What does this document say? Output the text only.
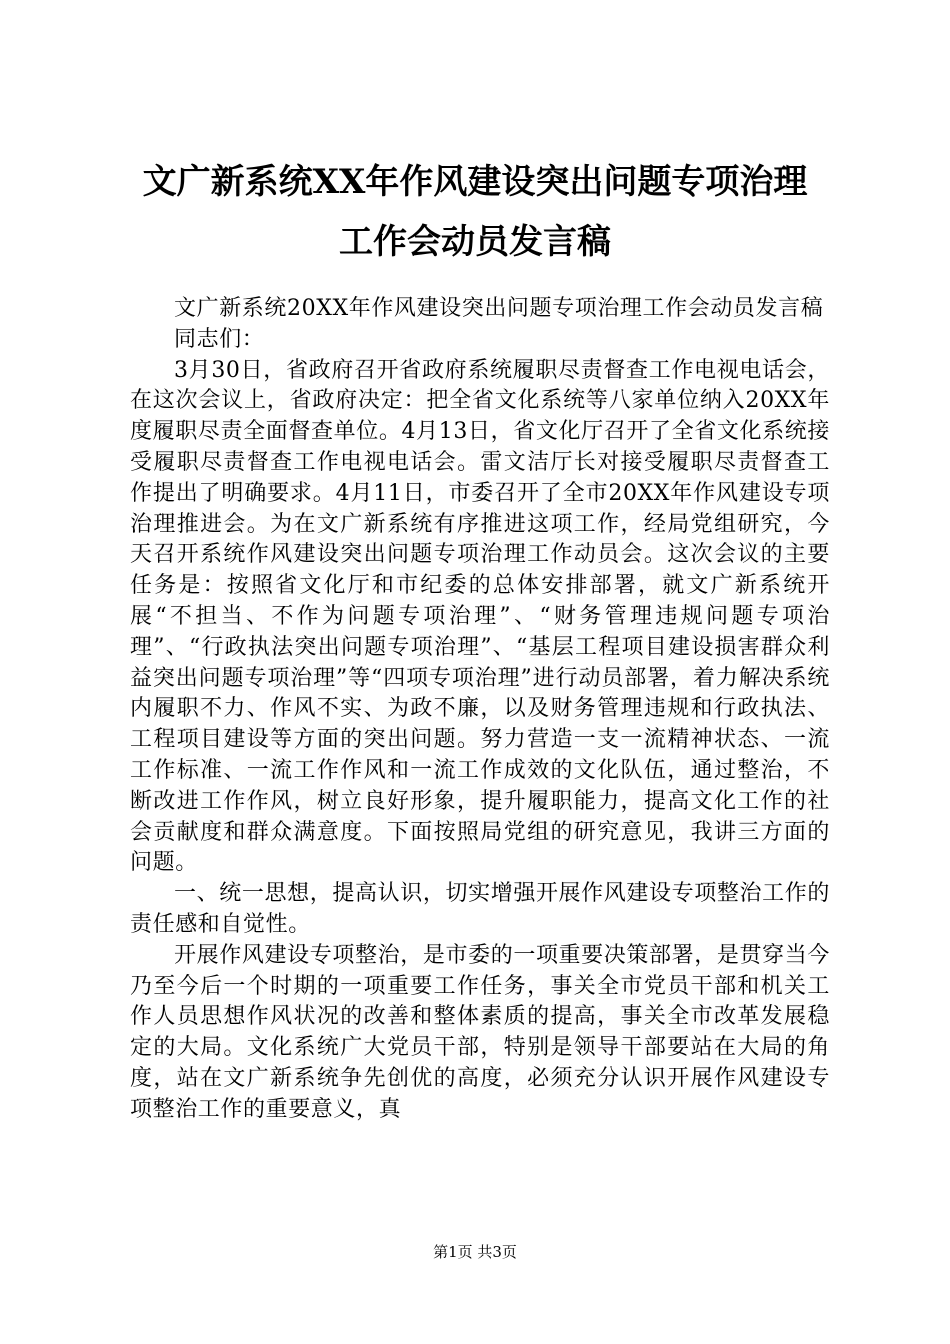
文广新系统XX年作风建设突出问题专项治理
工作会动员发言稿

文广新系统20XX年作风建设突出问题专项治理工作会动员发言稿

同志们：

3月30日，省政府召开省政府系统履职尽责督查工作电视电话会，在这次会议上，省政府决定：把全省文化系统等八家单位纳入20XX年度履职尽责全面督查单位。4月13日，省文化厅召开了全省文化系统接受履职尽责督查工作电视电话会。雷文洁厅长对接受履职尽责督查工作提出了明确要求。4月11日，市委召开了全市20XX年作风建设专项治理推进会。为在文广新系统有序推进这项工作，经局党组研究，今天召开系统作风建设突出问题专项治理工作动员会。这次会议的主要任务是：按照省文化厅和市纪委的总体安排部署，就文广新系统开展“不担当、不作为问题专项治理”、“财务管理违规问题专项治理”、“行政执法突出问题专项治理”、“基层工程项目建设损害群众利益突出问题专项治理”等“四项专项治理”进行动员部署，着力解决系统内履职不力、作风不实、为政不廉，以及财务管理违规和行政执法、工程项目建设等方面的突出问题。努力营造一支一流精神状态、一流工作标准、一流工作作风和一流工作成效的文化队伍，通过整治，不断改进工作作风，树立良好形象，提升履职能力，提高文化工作的社会贡献度和群众满意度。下面按照局党组的研究意见，我讲三方面的问题。

一、统一思想，提高认识，切实增强开展作风建设专项整治工作的责任感和自觉性。

开展作风建设专项整治，是市委的一项重要决策部署，是贯穿当今乃至今后一个时期的一项重要工作任务，事关全市党员干部和机关工作人员思想作风状况的改善和整体素质的提高，事关全市改革发展稳定的大局。文化系统广大党员干部，特别是领导干部要站在大局的角度，站在文广新系统争先创优的高度，必须充分认识开展作风建设专项整治工作的重要意义，真

第1页 共3页
